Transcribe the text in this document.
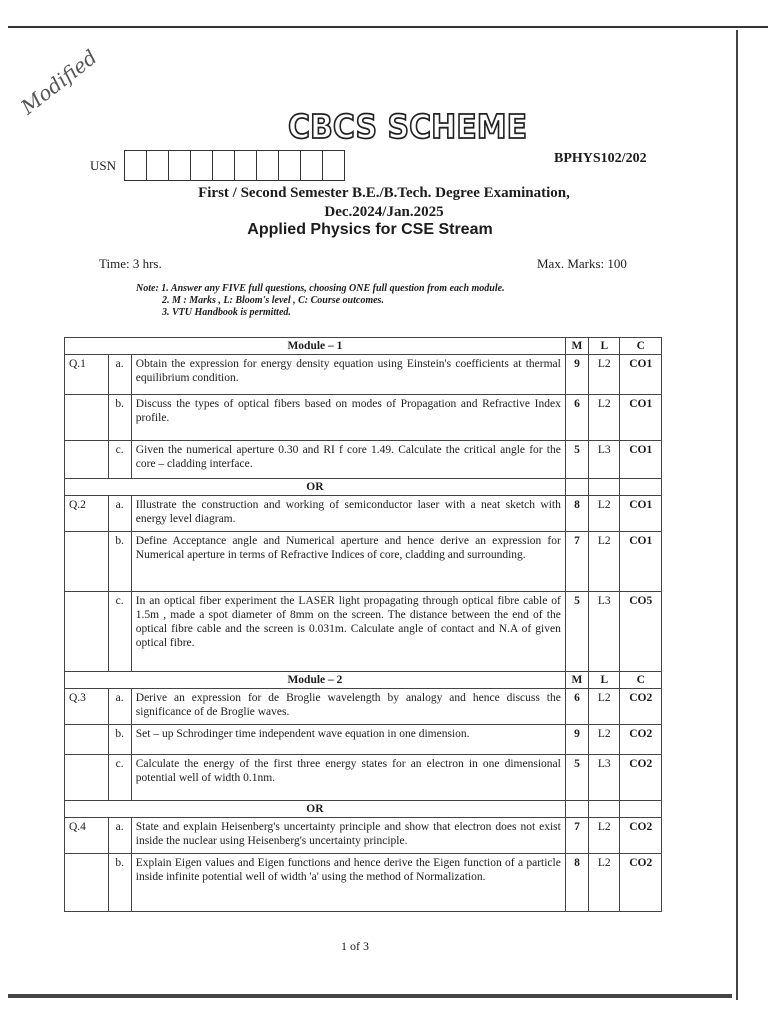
Modified
CBCS SCHEME
USN	BPHYS102/202
First / Second Semester B.E./B.Tech. Degree Examination,
Dec.2024/Jan.2025
Applied Physics for CSE Stream
Time: 3 hrs.	Max. Marks: 100
Note: 1. Answer any FIVE full questions, choosing ONE full question from each module.
2. M : Marks , L: Bloom's level , C: Course outcomes.
3. VTU Handbook is permitted.
Module – 1			M	L	C
Q.1	a.	Obtain the expression for energy density equation using Einstein's coefficients at thermal equilibrium condition.	9	L2	CO1
	b.	Discuss the types of optical fibers based on modes of Propagation and Refractive Index profile.	6	L2	CO1
	c.	Given the numerical aperture 0.30 and RI f core 1.49. Calculate the critical angle for the core – cladding interface.	5	L3	CO1
OR					
Q.2	a.	Illustrate the construction and working of semiconductor laser with a neat sketch with energy level diagram.	8	L2	CO1
	b.	Define Acceptance angle and Numerical aperture and hence derive an expression for Numerical aperture in terms of Refractive Indices of core, cladding and surrounding.	7	L2	CO1
	c.	In an optical fiber experiment the LASER light propagating through optical fibre cable of 1.5m , made a spot diameter of 8mm on the screen. The distance between the end of the optical fibre cable and the screen is 0.031m. Calculate angle of contact and N.A of given optical fibre.	5	L3	CO5
Module – 2			M	L	C
Q.3	a.	Derive an expression for de Broglie wavelength by analogy and hence discuss the significance of de Broglie waves.	6	L2	CO2
	b.	Set – up Schrodinger time independent wave equation in one dimension.	9	L2	CO2
	c.	Calculate the energy of the first three energy states for an electron in one dimensional potential well of width 0.1nm.	5	L3	CO2
OR					
Q.4	a.	State and explain Heisenberg's uncertainty principle and show that electron does not exist inside the nuclear using Heisenberg's uncertainty principle.	7	L2	CO2
	b.	Explain Eigen values and Eigen functions and hence derive the Eigen function of a particle inside infinite potential well of width 'a' using the method of Normalization.	8	L2	CO2
1 of 3
